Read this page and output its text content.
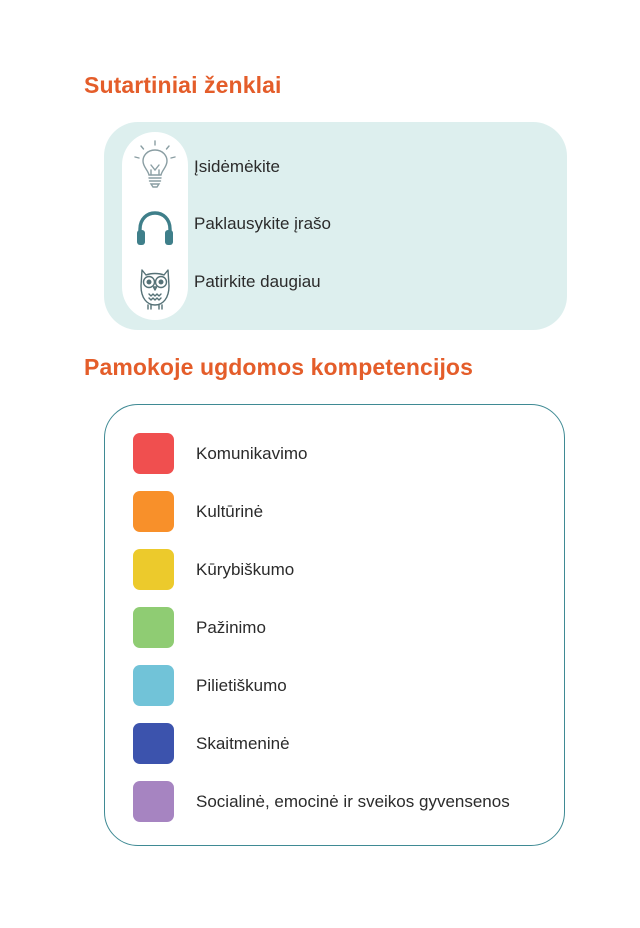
Sutartiniai ženklai
Įsidėmėkite
Paklausykite įrašo
Patirkite daugiau
Pamokoje ugdomos kompetencijos
Komunikavimo
Kultūrinė
Kūrybiškumo
Pažinimo
Pilietiškumo
Skaitmeninė
Socialinė, emocinė ir sveikos gyvensenos
